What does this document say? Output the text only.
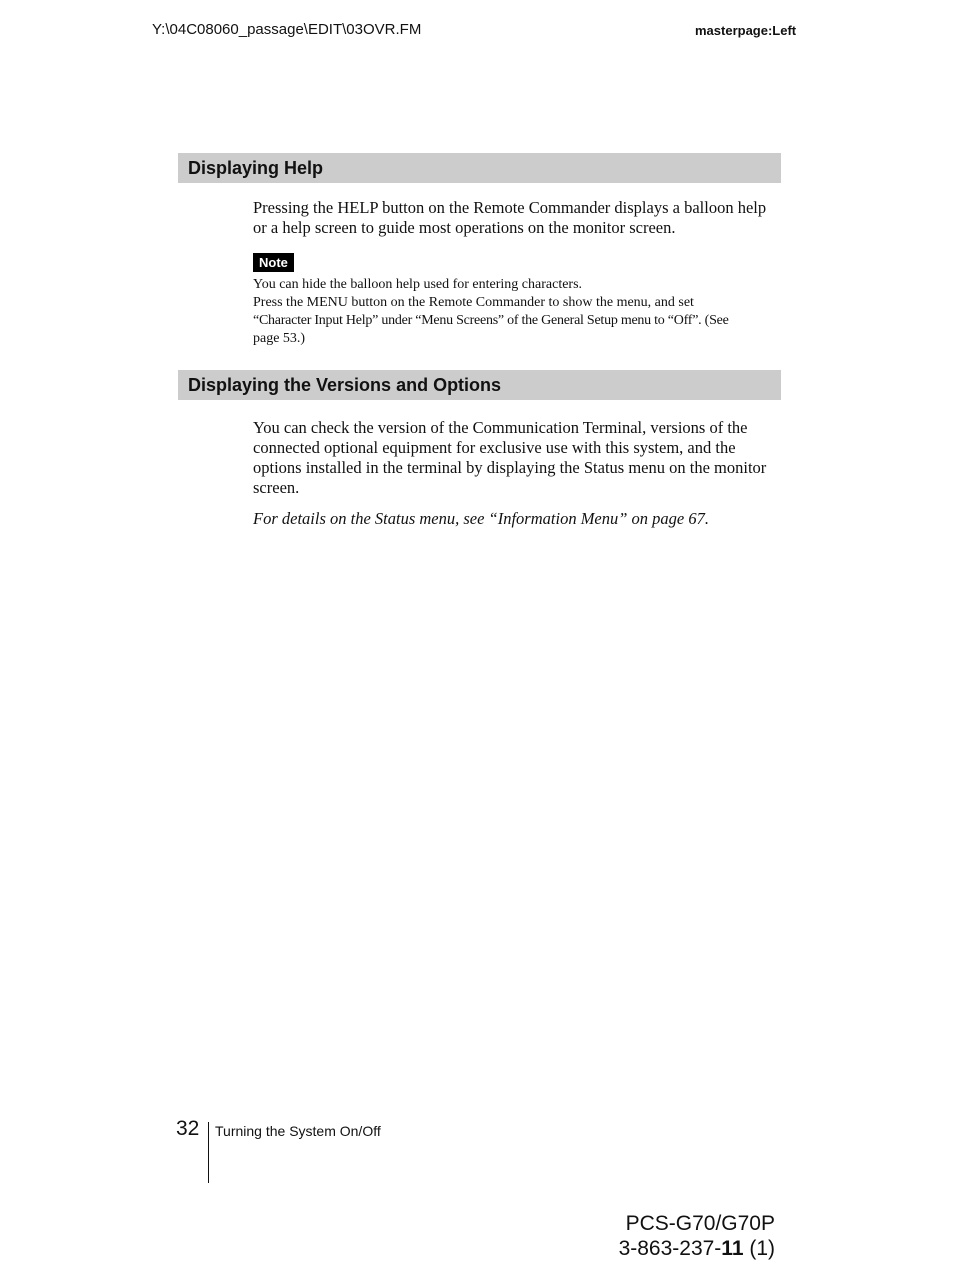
Y:\04C08060_passage\EDIT\03OVR.FM	masterpage:Left
Displaying Help
Pressing the HELP button on the Remote Commander displays a balloon help or a help screen to guide most operations on the monitor screen.
Note
You can hide the balloon help used for entering characters.
Press the MENU button on the Remote Commander to show the menu, and set
“Character Input Help” under “Menu Screens” of the General Setup menu to “Off”. (See
page 53.)
Displaying the Versions and Options
You can check the version of the Communication Terminal, versions of the connected optional equipment for exclusive use with this system, and the options installed in the terminal by displaying the Status menu on the monitor screen.
For details on the Status menu, see “Information Menu” on page 67.
32 Turning the System On/Off
PCS-G70/G70P
3-863-237-11 (1)
